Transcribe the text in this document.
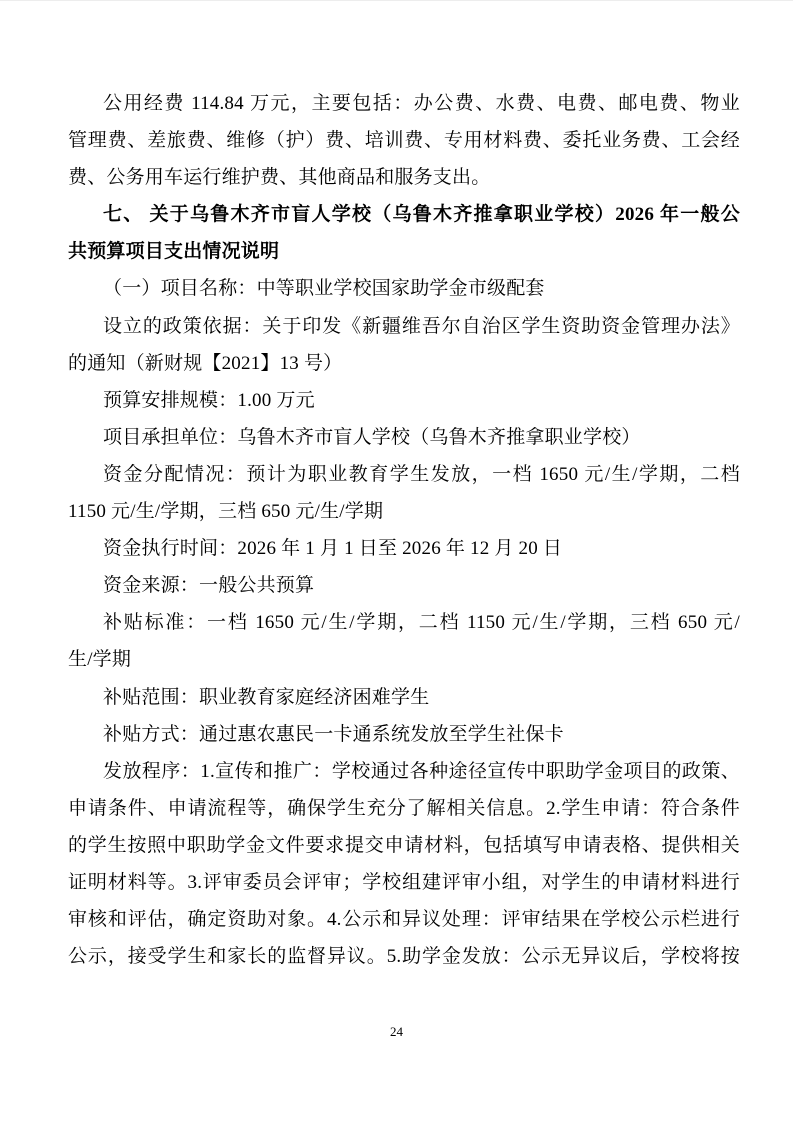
公用经费 114.84 万元，主要包括：办公费、水费、电费、邮电费、物业
管理费、差旅费、维修（护）费、培训费、专用材料费、委托业务费、工会经
费、公务用车运行维护费、其他商品和服务支出。
七、 关于乌鲁木齐市盲人学校（乌鲁木齐推拿职业学校）2026 年一般公
共预算项目支出情况说明
（一）项目名称：中等职业学校国家助学金市级配套
设立的政策依据：关于印发《新疆维吾尔自治区学生资助资金管理办法》
的通知（新财规【2021】13 号）
预算安排规模：1.00 万元
项目承担单位：乌鲁木齐市盲人学校（乌鲁木齐推拿职业学校）
资金分配情况：预计为职业教育学生发放，一档 1650 元/生/学期，二档
1150 元/生/学期，三档 650 元/生/学期
资金执行时间：2026 年 1 月 1 日至 2026 年 12 月 20 日
资金来源：一般公共预算
补贴标准：一档 1650 元/生/学期，二档 1150 元/生/学期，三档 650 元/
生/学期
补贴范围：职业教育家庭经济困难学生
补贴方式：通过惠农惠民一卡通系统发放至学生社保卡
发放程序：1.宣传和推广：学校通过各种途径宣传中职助学金项目的政策、
申请条件、申请流程等，确保学生充分了解相关信息。2.学生申请：符合条件
的学生按照中职助学金文件要求提交申请材料，包括填写申请表格、提供相关
证明材料等。3.评审委员会评审；学校组建评审小组，对学生的申请材料进行
审核和评估，确定资助对象。4.公示和异议处理：评审结果在学校公示栏进行
公示，接受学生和家长的监督异议。5.助学金发放：公示无异议后，学校将按
24
